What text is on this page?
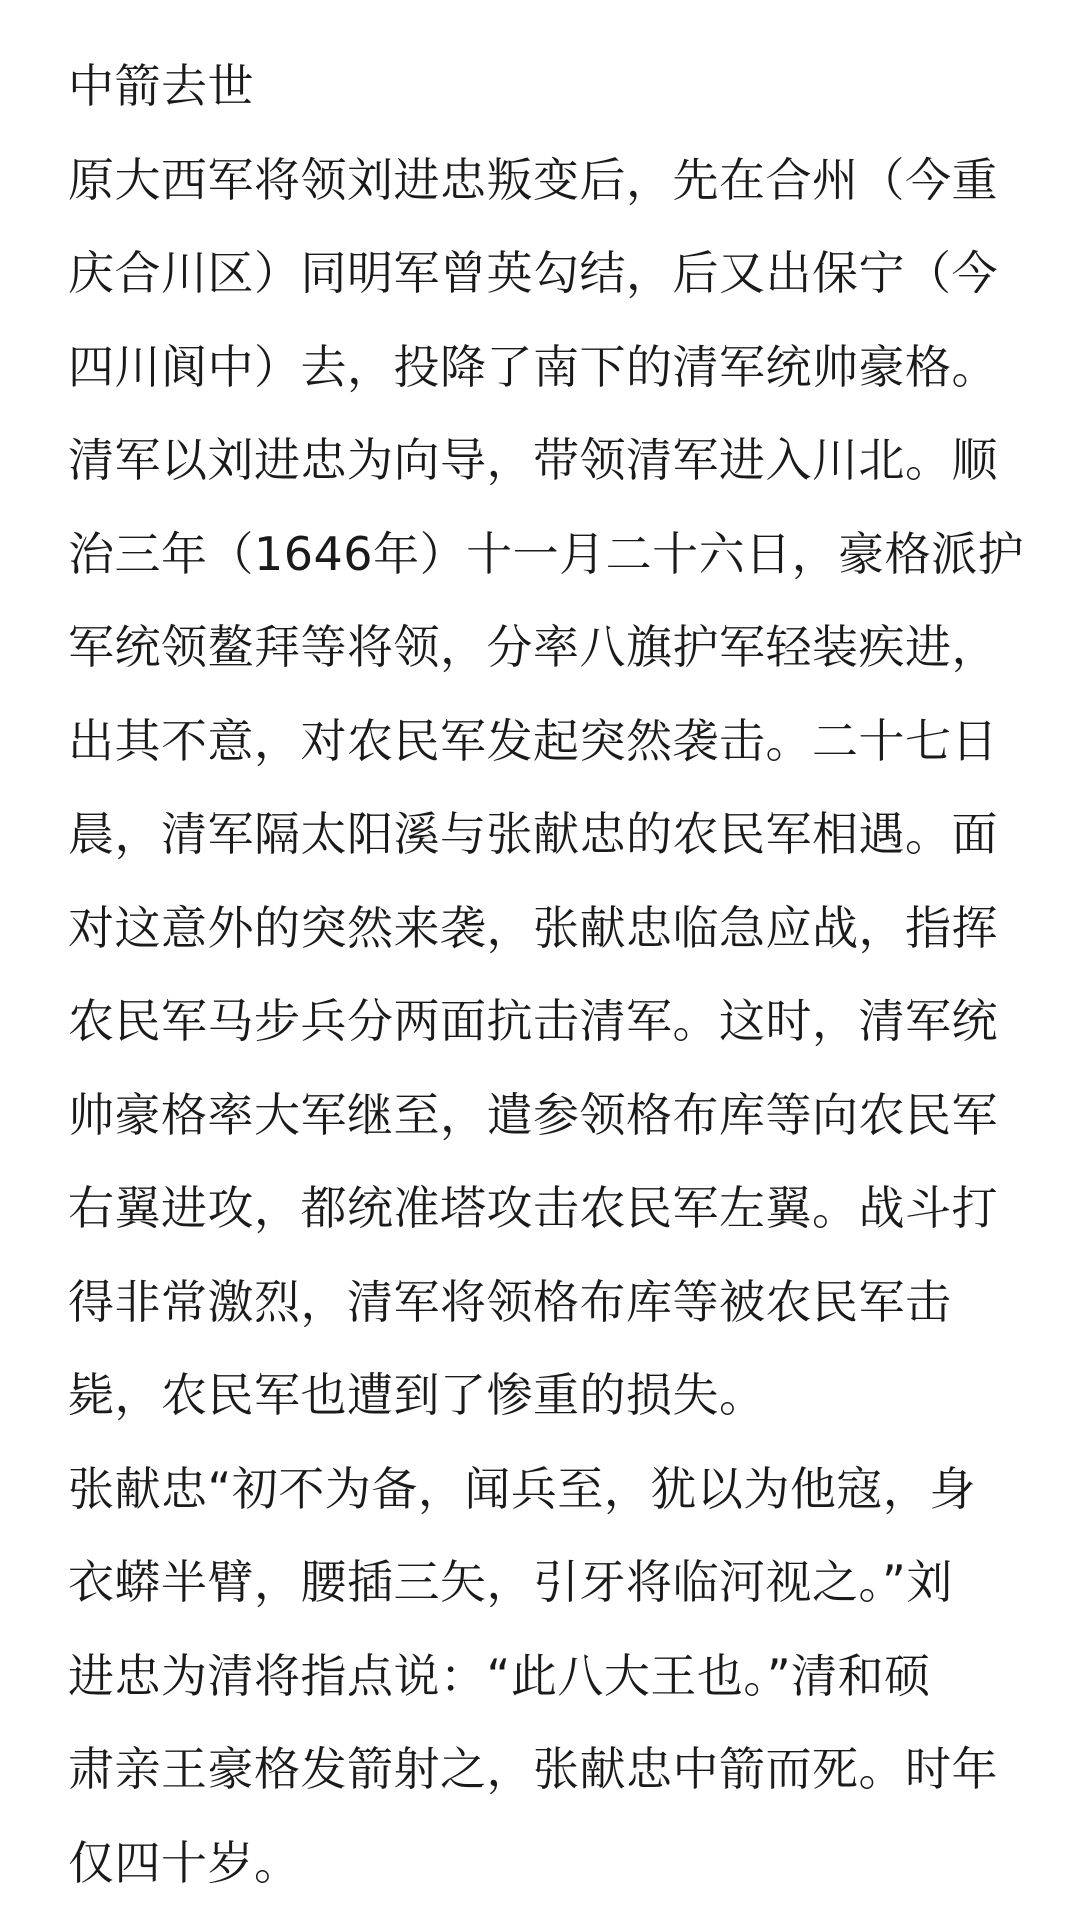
中箭去世
原大西军将领刘进忠叛变后，先在合州（今重
庆合川区）同明军曾英勾结，后又出保宁（今
四川阆中）去，投降了南下的清军统帅豪格。
清军以刘进忠为向导，带领清军进入川北。顺
治三年（1646年）十一月二十六日，豪格派护
军统领鳌拜等将领，分率八旗护军轻装疾进，
出其不意，对农民军发起突然袭击。二十七日
晨，清军隔太阳溪与张献忠的农民军相遇。面
对这意外的突然来袭，张献忠临急应战，指挥
农民军马步兵分两面抗击清军。这时，清军统
帅豪格率大军继至，遣参领格布库等向农民军
右翼进攻，都统准塔攻击农民军左翼。战斗打
得非常激烈，清军将领格布库等被农民军击
毙，农民军也遭到了惨重的损失。
张献忠“初不为备，闻兵至，犹以为他寇，身
衣蟒半臂，腰插三矢，引牙将临河视之。”刘
进忠为清将指点说：“此八大王也。”清和硕
肃亲王豪格发箭射之，张献忠中箭而死。时年
仅四十岁。
